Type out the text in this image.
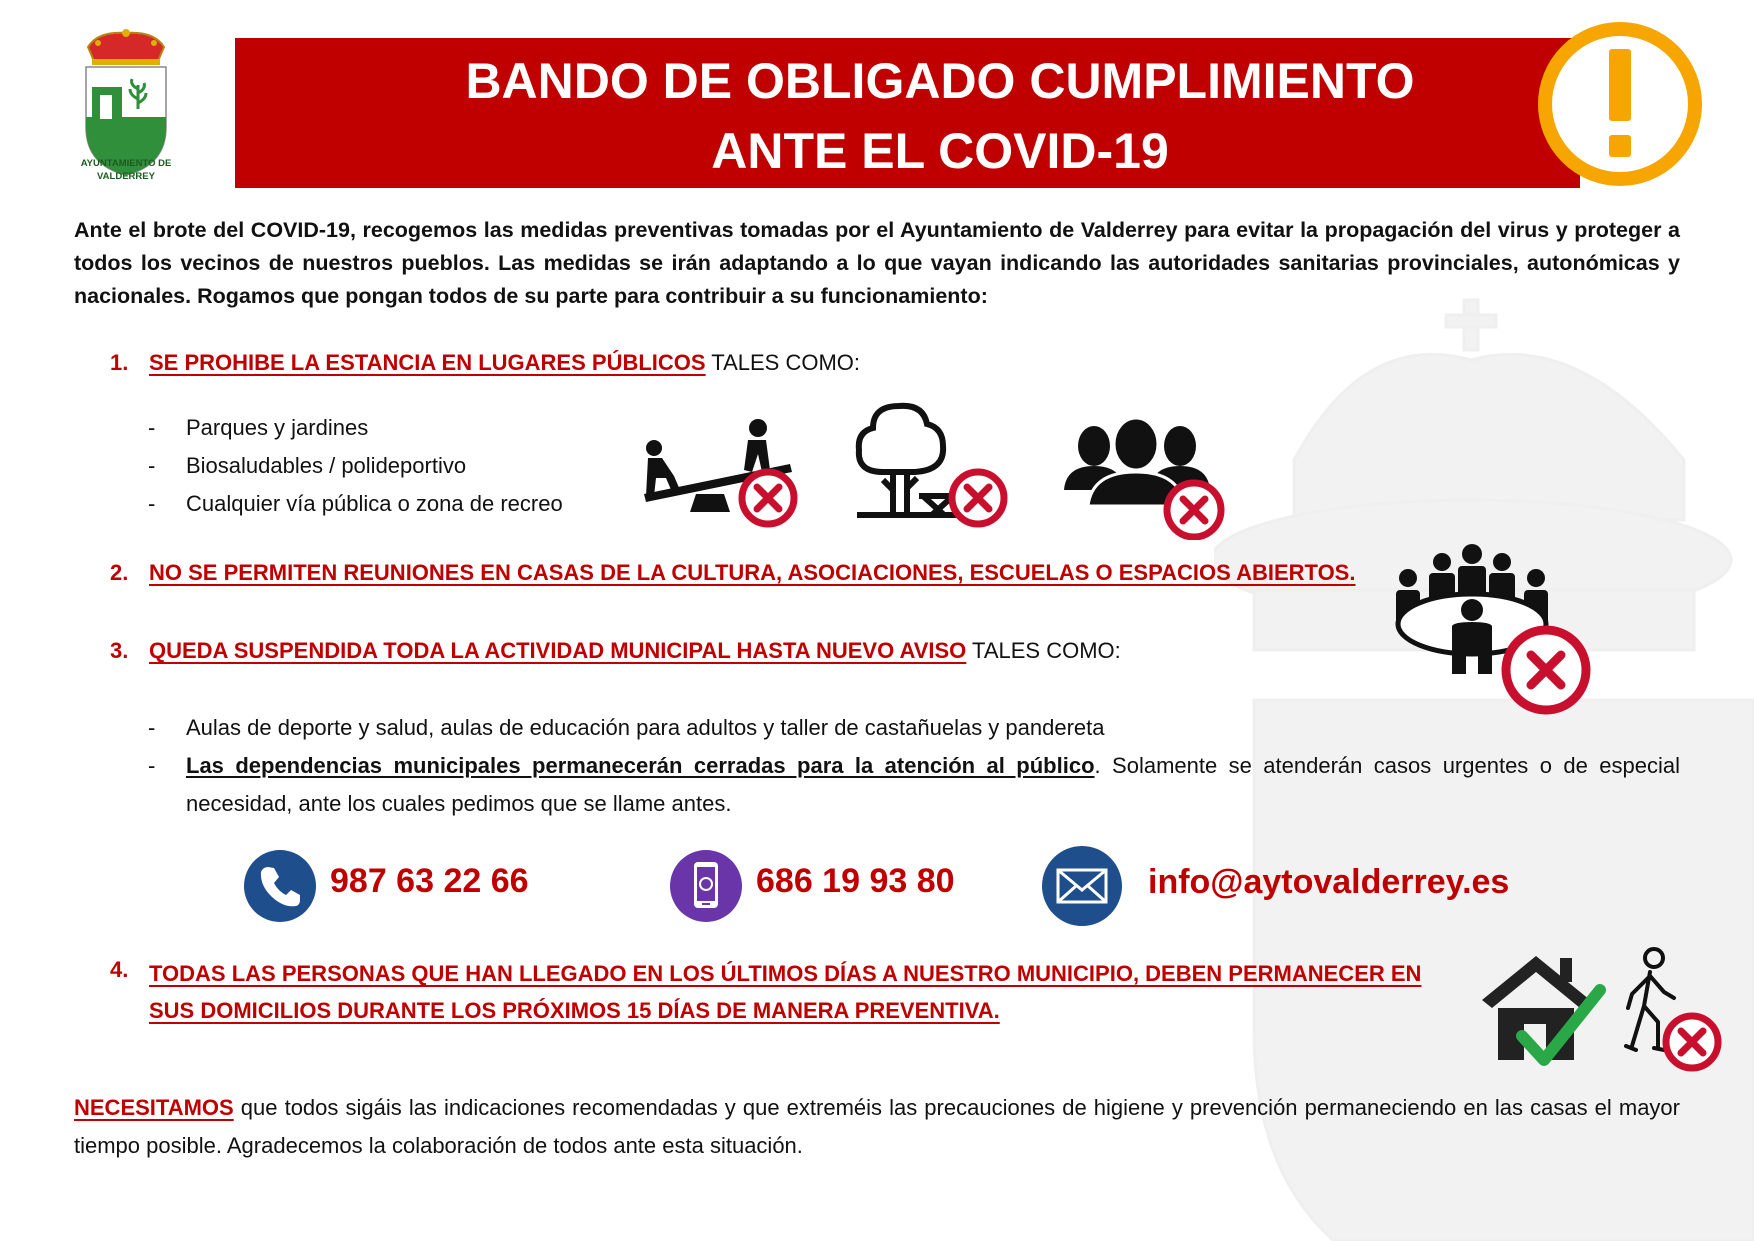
AYUNTAMIENTO DE
VALDERREY
BANDO DE OBLIGADO CUMPLIMIENTO
ANTE EL COVID-19

Ante el brote del COVID-19, recogemos las medidas preventivas tomadas por el Ayuntamiento de Valderrey para evitar la propagación del virus y proteger a todos los vecinos de nuestros pueblos. Las medidas se irán adaptando a lo que vayan indicando las autoridades sanitarias provinciales, autonómicas y nacionales. Rogamos que pongan todos de su parte para contribuir a su funcionamiento:

1. SE PROHIBE LA ESTANCIA EN LUGARES PÚBLICOS TALES COMO:
- Parques y jardines
- Biosaludables / polideportivo
- Cualquier vía pública o zona de recreo
2. NO SE PERMITEN REUNIONES EN CASAS DE LA CULTURA, ASOCIACIONES, ESCUELAS O ESPACIOS ABIERTOS.
3. QUEDA SUSPENDIDA TODA LA ACTIVIDAD MUNICIPAL HASTA NUEVO AVISO TALES COMO:
- Aulas de deporte y salud, aulas de educación para adultos y taller de castañuelas y pandereta
- Las dependencias municipales permanecerán cerradas para la atención al público. Solamente se atenderán casos urgentes o de especial necesidad, ante los cuales pedimos que se llame antes.
987 63 22 66	686 19 93 80	info@aytovalderrey.es
4. TODAS LAS PERSONAS QUE HAN LLEGADO EN LOS ÚLTIMOS DÍAS A NUESTRO MUNICIPIO, DEBEN PERMANECER EN
SUS DOMICILIOS DURANTE LOS PRÓXIMOS 15 DÍAS DE MANERA PREVENTIVA.

NECESITAMOS que todos sigáis las indicaciones recomendadas y que extreméis las precauciones de higiene y prevención permaneciendo en las casas el mayor tiempo posible. Agradecemos la colaboración de todos ante esta situación.
